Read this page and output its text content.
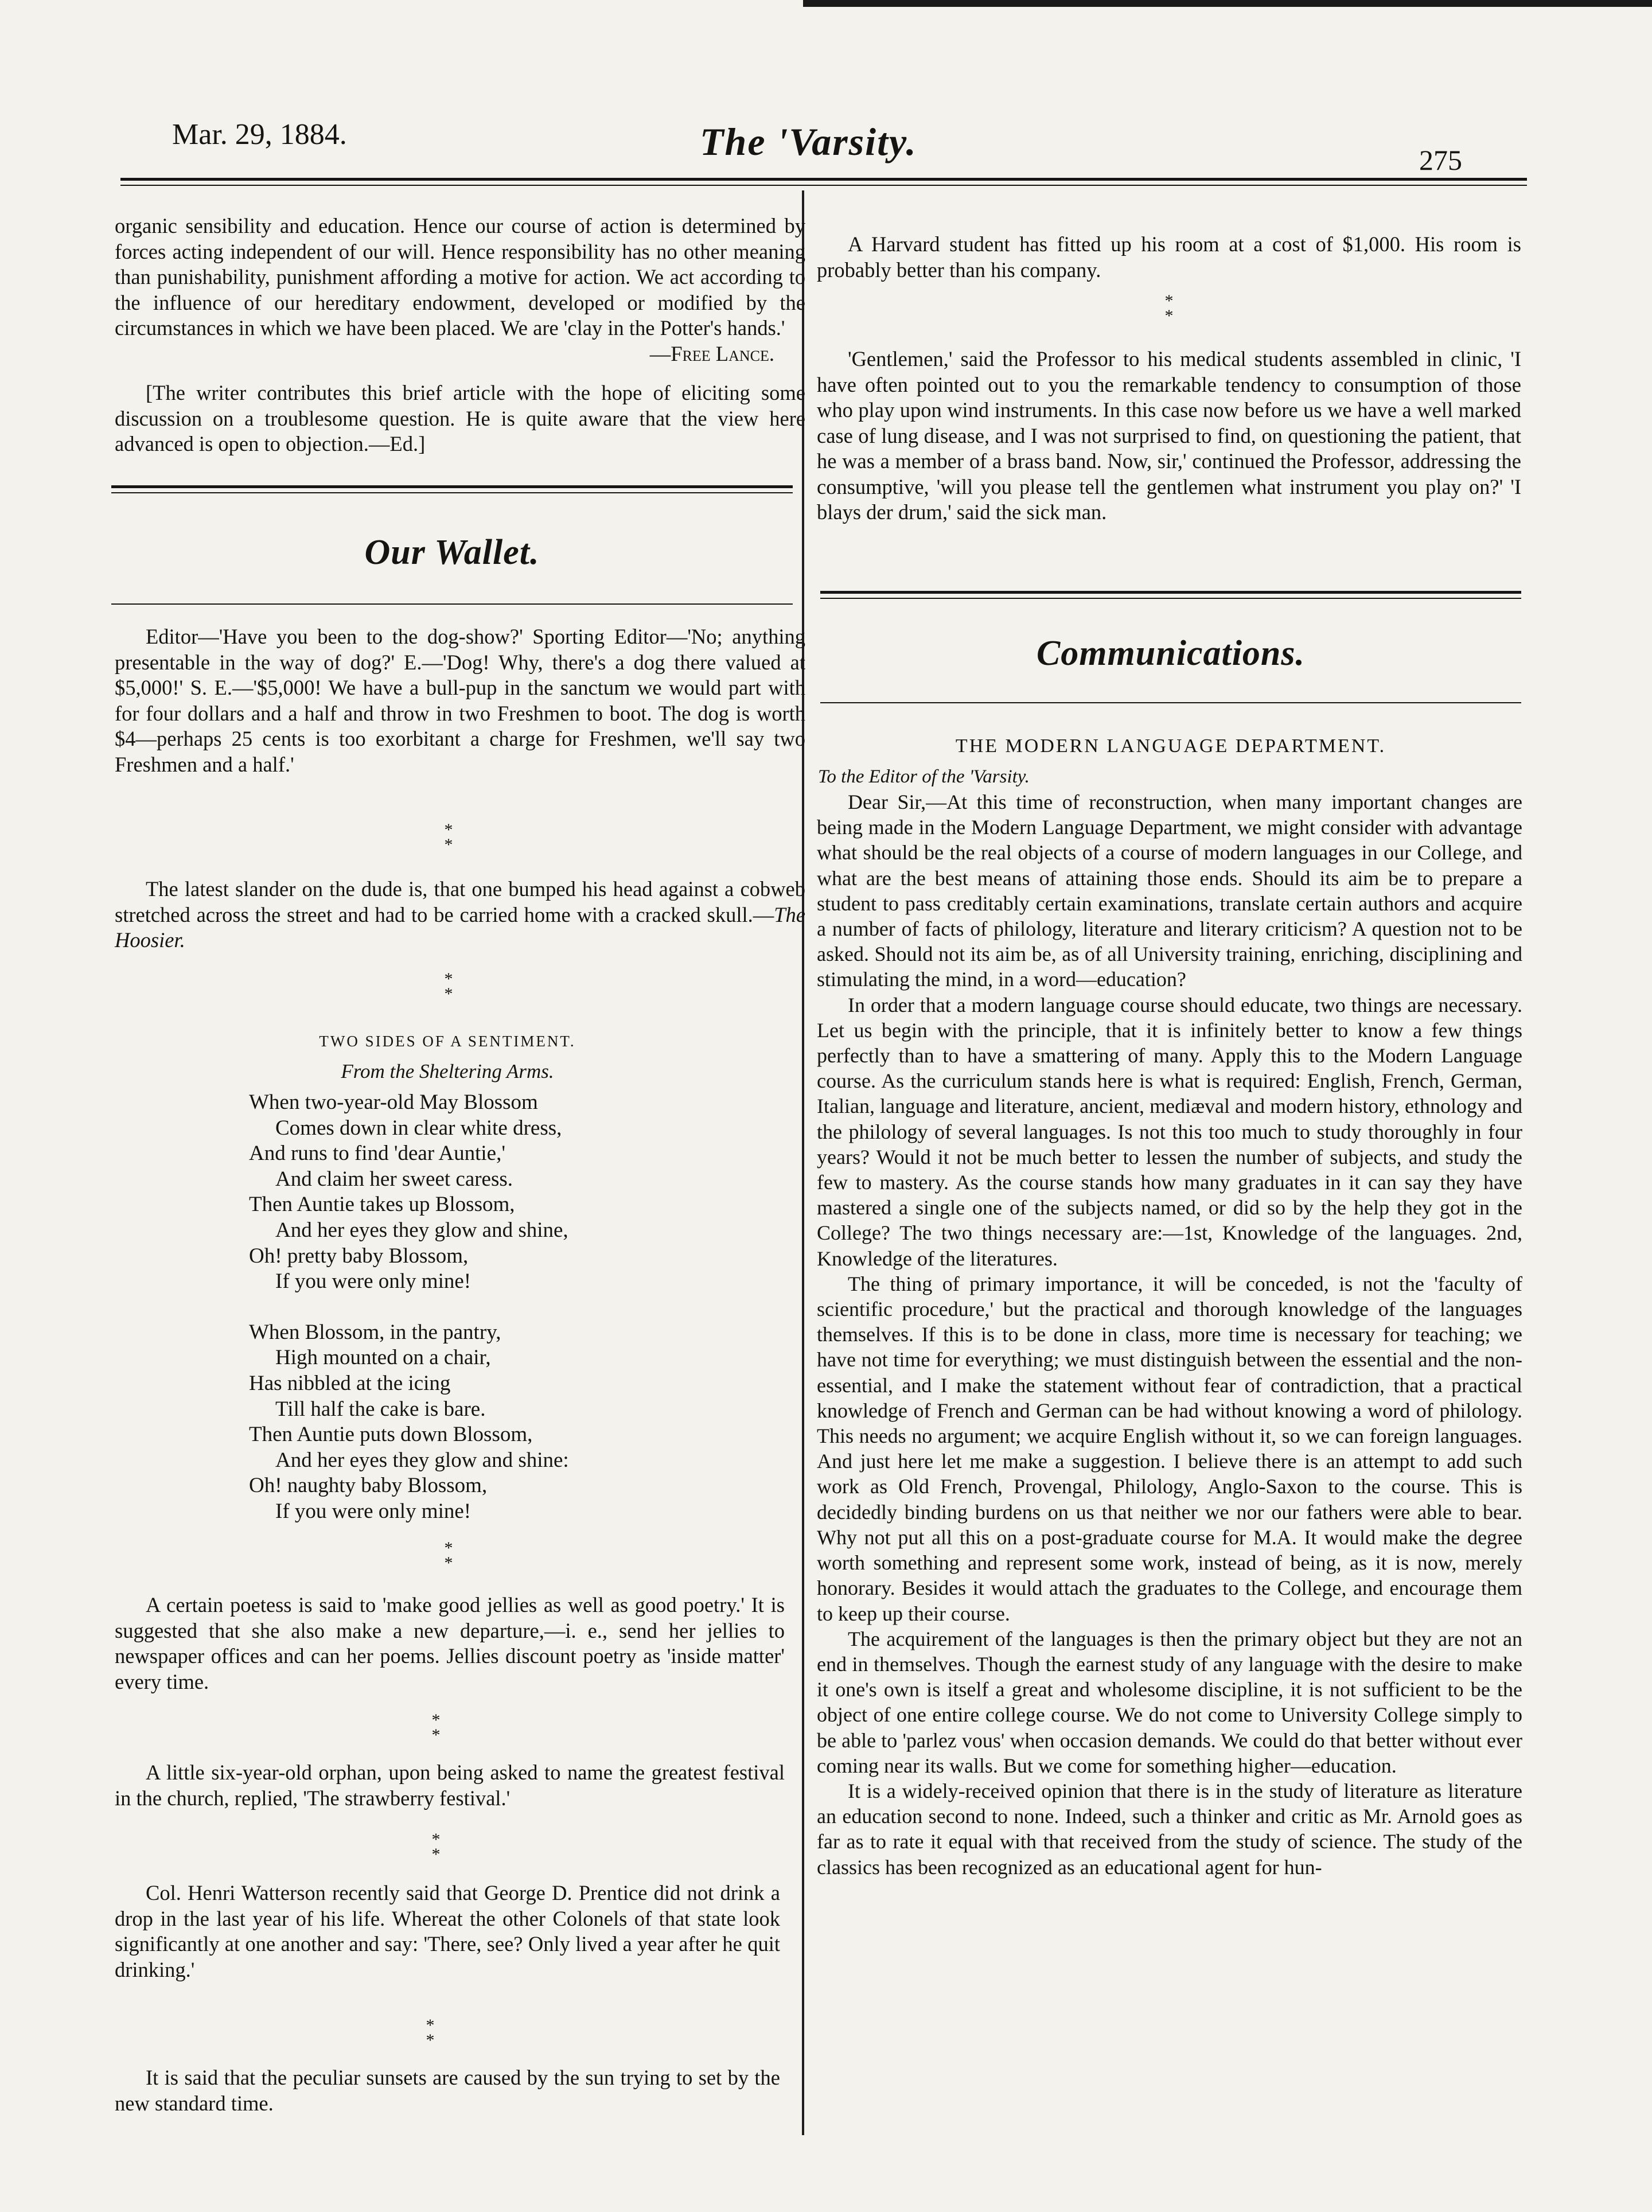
Mar. 29, 1884.	The 'Varsity.	275

organic sensibility and education. Hence our course of action is determined by forces acting independent of our will. Hence responsibility has no other meaning than punishability, punishment affording a motive for action. We act according to the influence of our hereditary endowment, developed or modified by the circumstances in which we have been placed. We are 'clay in the Potter's hands.'

—Free Lance.

[The writer contributes this brief article with the hope of eliciting some discussion on a troublesome question. He is quite aware that the view here advanced is open to objection.—Ed.]

Our Wallet.

Editor—'Have you been to the dog-show?' Sporting Editor—'No; anything presentable in the way of dog?' E.—'Dog! Why, there's a dog there valued at $5,000!' S. E.—'$5,000! We have a bull-pup in the sanctum we would part with for four dollars and a half and throw in two Freshmen to boot. The dog is worth $4—perhaps 25 cents is too exorbitant a charge for Freshmen, we'll say two Freshmen and a half.'

*
*

The latest slander on the dude is, that one bumped his head against a cobweb stretched across the street and had to be carried home with a cracked skull.—The Hoosier.

*
*
TWO SIDES OF A SENTIMENT.
From the Sheltering Arms.
When two-year-old May Blossom
Comes down in clear white dress,
And runs to find 'dear Auntie,'
And claim her sweet caress.
Then Auntie takes up Blossom,
And her eyes they glow and shine,
Oh! pretty baby Blossom,
If you were only mine!
When Blossom, in the pantry,
High mounted on a chair,
Has nibbled at the icing
Till half the cake is bare.
Then Auntie puts down Blossom,
And her eyes they glow and shine:
Oh! naughty baby Blossom,
If you were only mine!
*
*

A certain poetess is said to 'make good jellies as well as good poetry.' It is suggested that she also make a new departure,—i. e., send her jellies to newspaper offices and can her poems. Jellies discount poetry as 'inside matter' every time.

*
*

A little six-year-old orphan, upon being asked to name the greatest festival in the church, replied, 'The strawberry festival.'

*
*

Col. Henri Watterson recently said that George D. Prentice did not drink a drop in the last year of his life. Whereat the other Colonels of that state look significantly at one another and say: 'There, see? Only lived a year after he quit drinking.'

*
*

It is said that the peculiar sunsets are caused by the sun trying to set by the new standard time.

A Harvard student has fitted up his room at a cost of $1,000. His room is probably better than his company.

*
*

'Gentlemen,' said the Professor to his medical students assembled in clinic, 'I have often pointed out to you the remarkable tendency to consumption of those who play upon wind instruments. In this case now before us we have a well marked case of lung disease, and I was not surprised to find, on questioning the patient, that he was a member of a brass band. Now, sir,' continued the Professor, addressing the consumptive, 'will you please tell the gentlemen what instrument you play on?' 'I blays der drum,' said the sick man.

Communications.
THE MODERN LANGUAGE DEPARTMENT.
To the Editor of the 'Varsity.

Dear Sir,—At this time of reconstruction, when many important changes are being made in the Modern Language Department, we might consider with advantage what should be the real objects of a course of modern languages in our College, and what are the best means of attaining those ends. Should its aim be to prepare a student to pass creditably certain examinations, translate certain authors and acquire a number of facts of philology, literature and literary criticism? A question not to be asked. Should not its aim be, as of all University training, enriching, disciplining and stimulating the mind, in a word—education?

In order that a modern language course should educate, two things are necessary. Let us begin with the principle, that it is infinitely better to know a few things perfectly than to have a smattering of many. Apply this to the Modern Language course. As the curriculum stands here is what is required: English, French, German, Italian, language and literature, ancient, mediæval and modern history, ethnology and the philology of several languages. Is not this too much to study thoroughly in four years? Would it not be much better to lessen the number of subjects, and study the few to mastery. As the course stands how many graduates in it can say they have mastered a single one of the subjects named, or did so by the help they got in the College? The two things necessary are:—1st, Knowledge of the languages. 2nd, Knowledge of the literatures.

The thing of primary importance, it will be conceded, is not the 'faculty of scientific procedure,' but the practical and thorough knowledge of the languages themselves. If this is to be done in class, more time is necessary for teaching; we have not time for everything; we must distinguish between the essential and the non-essential, and I make the statement without fear of contradiction, that a practical knowledge of French and German can be had without knowing a word of philology. This needs no argument; we acquire English without it, so we can foreign languages. And just here let me make a suggestion. I believe there is an attempt to add such work as Old French, Provengal, Philology, Anglo-Saxon to the course. This is decidedly binding burdens on us that neither we nor our fathers were able to bear. Why not put all this on a post-graduate course for M.A. It would make the degree worth something and represent some work, instead of being, as it is now, merely honorary. Besides it would attach the graduates to the College, and encourage them to keep up their course.

The acquirement of the languages is then the primary object but they are not an end in themselves. Though the earnest study of any language with the desire to make it one's own is itself a great and wholesome discipline, it is not sufficient to be the object of one entire college course. We do not come to University College simply to be able to 'parlez vous' when occasion demands. We could do that better without ever coming near its walls. But we come for something higher—education.

It is a widely-received opinion that there is in the study of literature as literature an education second to none. Indeed, such a thinker and critic as Mr. Arnold goes as far as to rate it equal with that received from the study of science. The study of the classics has been recognized as an educational agent for hun-
